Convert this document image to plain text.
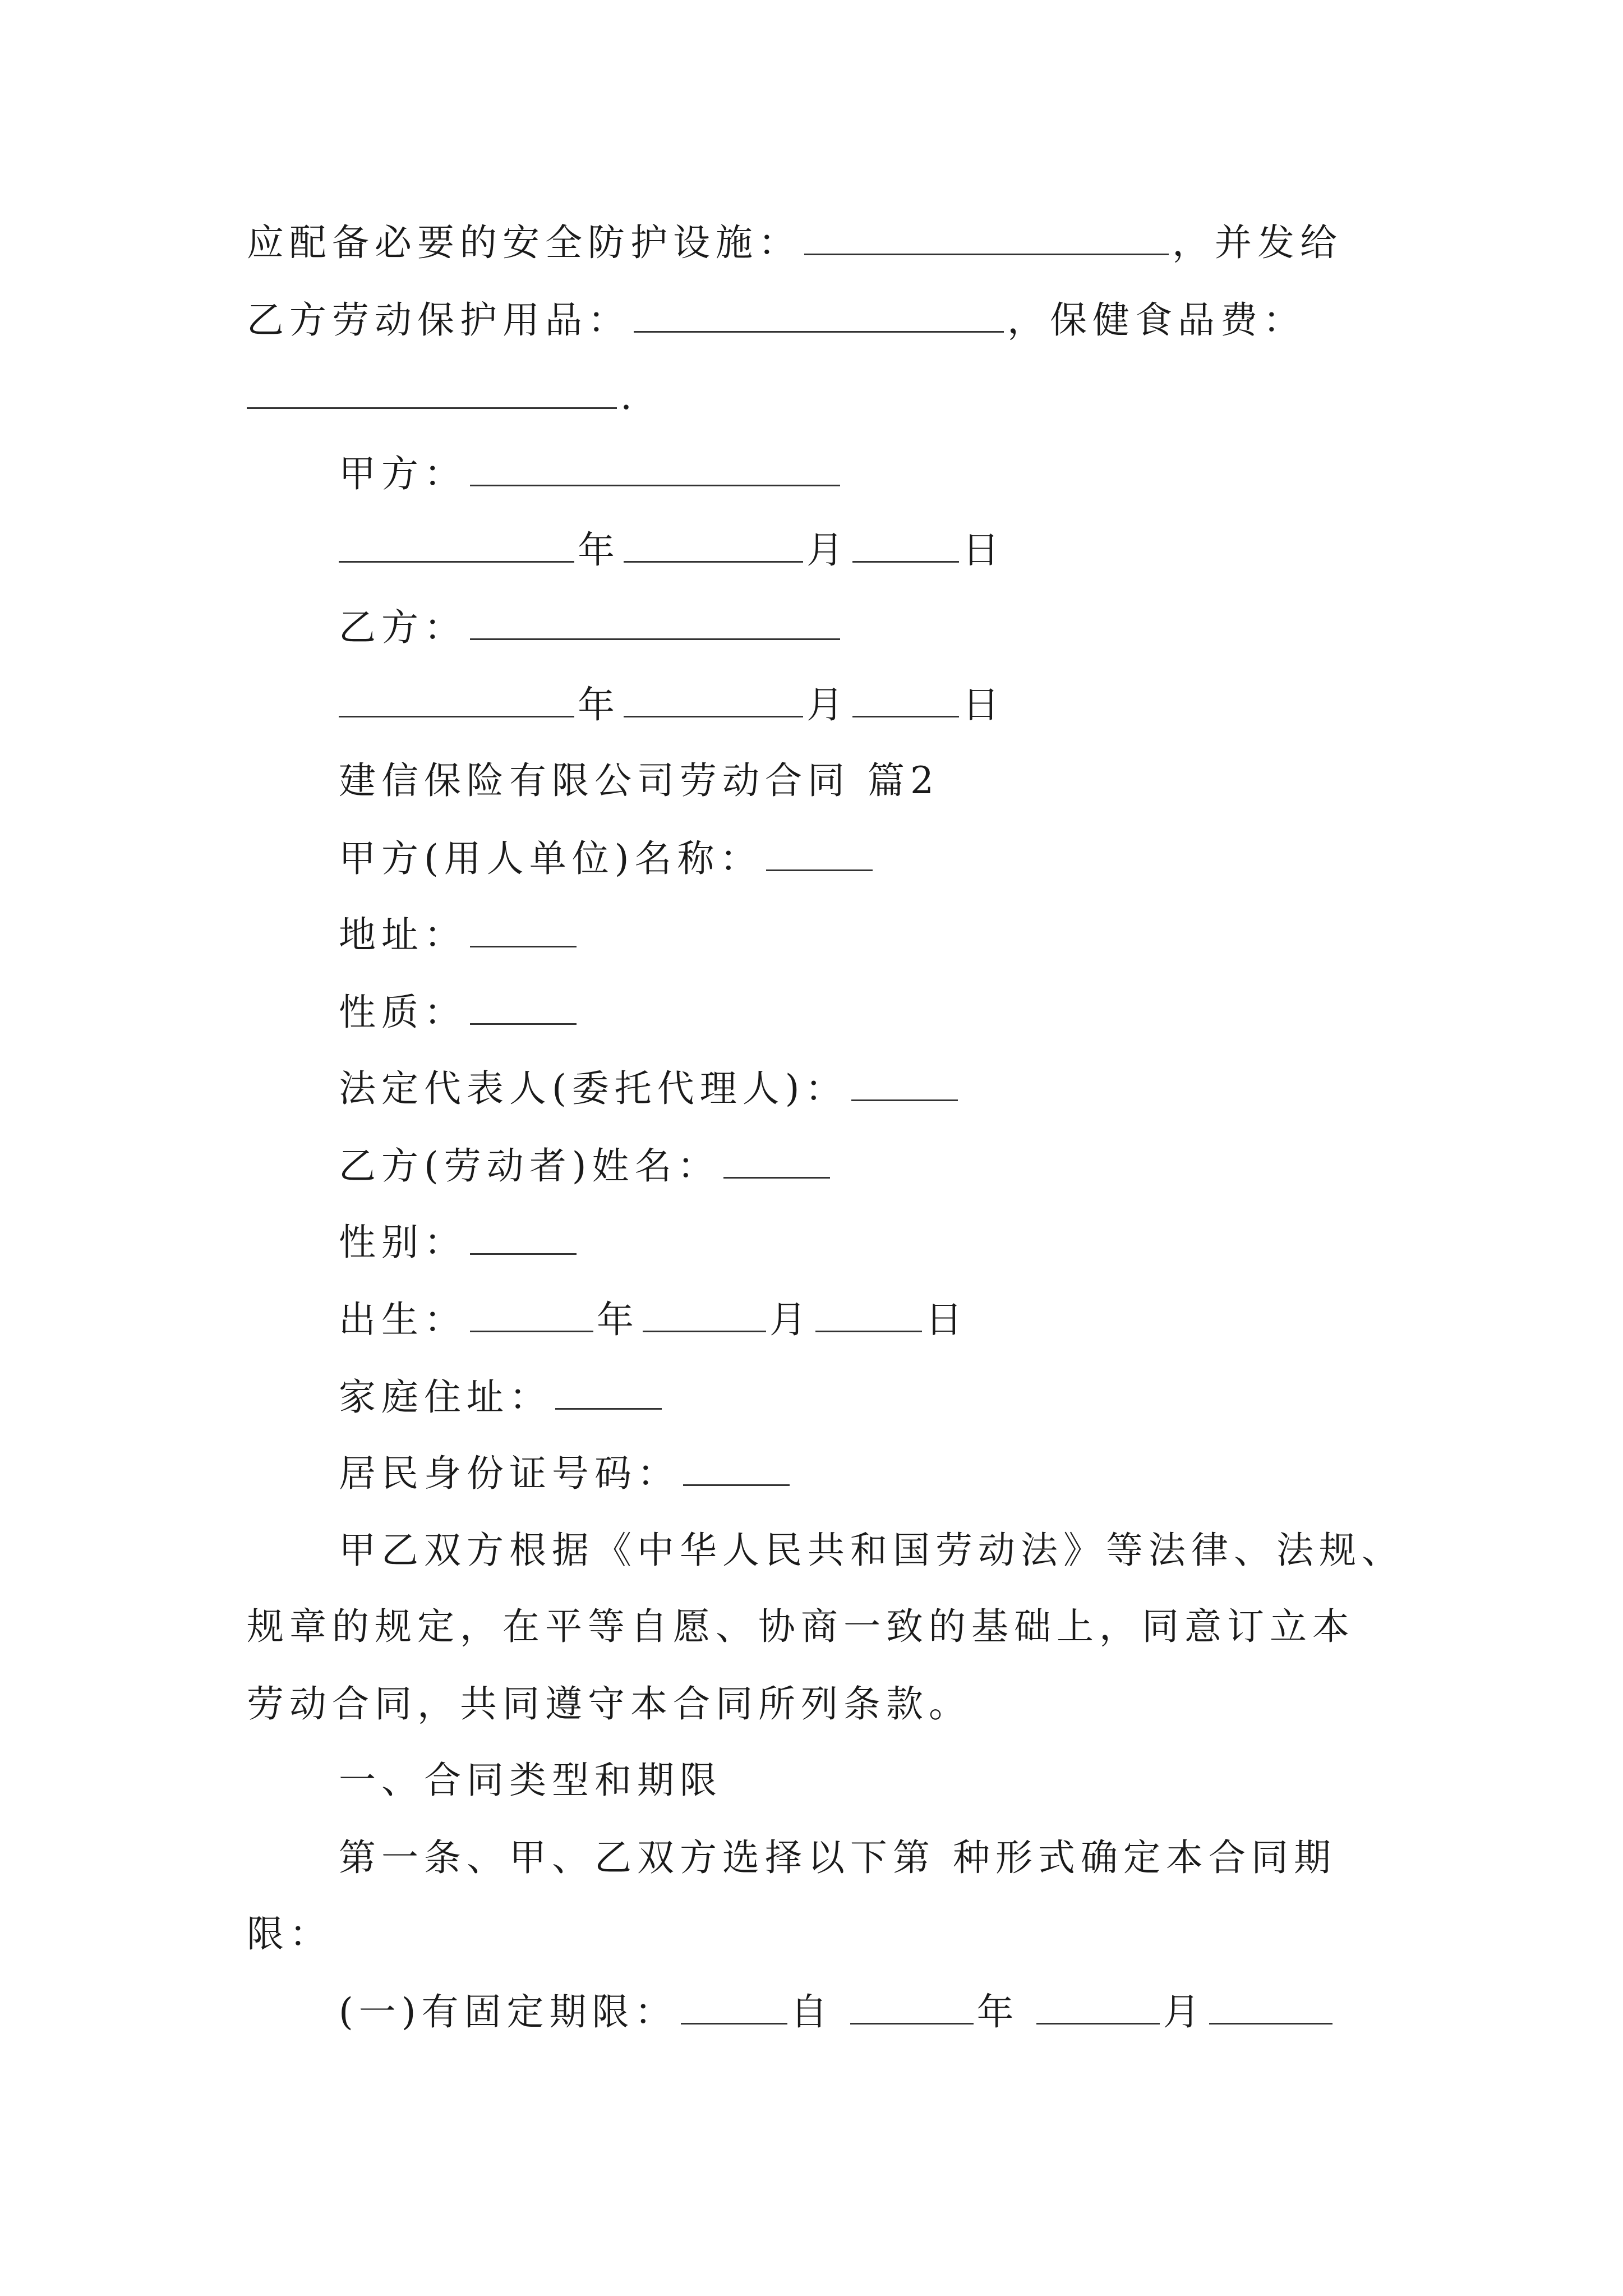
应配备必要的安全防护设施：	，并发给
乙方劳动保护用品：	，保健食品费：
.
甲方：
年	月	日
乙方：
年	月	日
建信保险有限公司劳动合同 篇2
甲方(用人单位)名称：
地址：
性质：
法定代表人(委托代理人)：
乙方(劳动者)姓名：
性别：
出生：	年	月	日
家庭住址：
居民身份证号码：
甲乙双方根据《中华人民共和国劳动法》等法律、法规、
规章的规定，在平等自愿、协商一致的基础上，同意订立本
劳动合同，共同遵守本合同所列条款。
一、合同类型和期限
第一条、甲、乙双方选择以下第 种形式确定本合同期
限：
(一)有固定期限：	自	年	月
